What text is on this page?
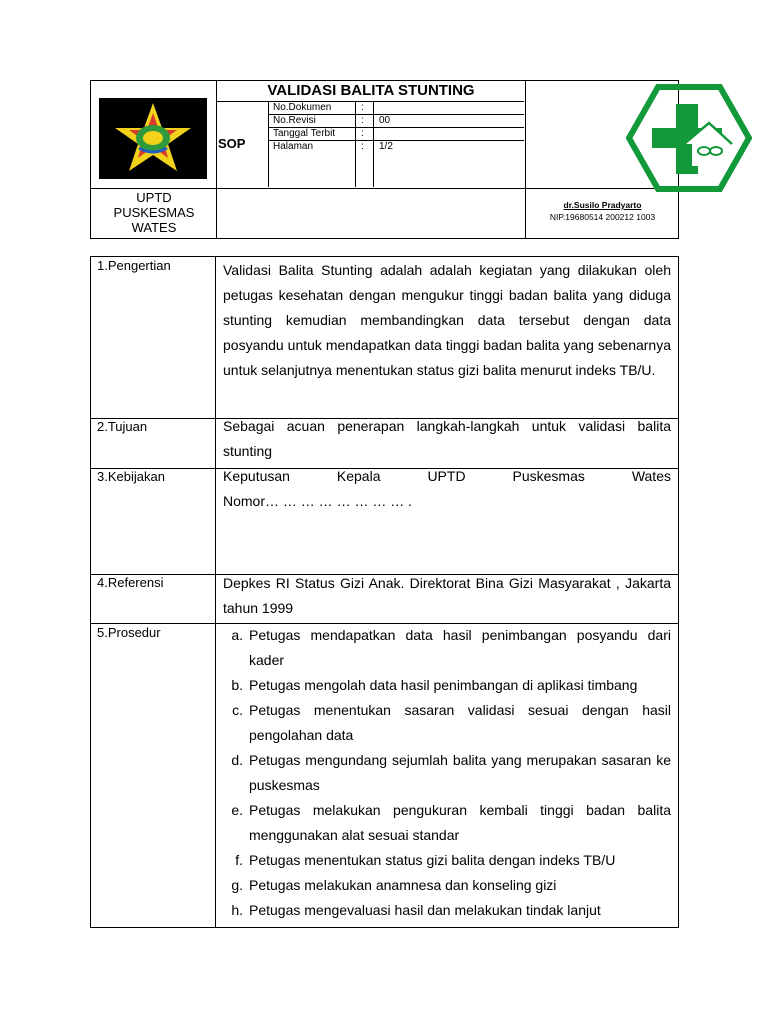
VALIDASI BALITA STUNTING
SOP
No.Dokumen	:
No.Revisi	: 00
Tanggal Terbit	:
Halaman	: 1/2
UPTD
PUSKESMAS
WATES
dr.Susilo Pradyarto
NIP.19680514 200212 1003
1.Pengertian	Validasi Balita Stunting adalah adalah kegiatan yang dilakukan oleh petugas kesehatan dengan mengukur tinggi badan balita yang diduga stunting kemudian membandingkan data tersebut dengan data posyandu untuk mendapatkan data tinggi badan balita yang sebenarnya untuk selanjutnya menentukan status gizi balita menurut indeks TB/U.
2.Tujuan	Sebagai acuan penerapan langkah-langkah untuk validasi balita stunting
3.Kebijakan	Keputusan Kepala UPTD Puskesmas Wates
Nomor… … … … … … … … .
4.Referensi	Depkes RI Status Gizi Anak. Direktorat Bina Gizi Masyarakat , Jakarta tahun 1999
5.Prosedur	a. Petugas mendapatkan data hasil penimbangan posyandu dari kader
b. Petugas mengolah data hasil penimbangan di aplikasi timbang
c. Petugas menentukan sasaran validasi sesuai dengan hasil pengolahan data
d. Petugas mengundang sejumlah balita yang merupakan sasaran ke puskesmas
e. Petugas melakukan pengukuran kembali tinggi badan balita menggunakan alat sesuai standar
f. Petugas menentukan status gizi balita dengan indeks TB/U
g. Petugas melakukan anamnesa dan konseling gizi
h. Petugas mengevaluasi hasil dan melakukan tindak lanjut
